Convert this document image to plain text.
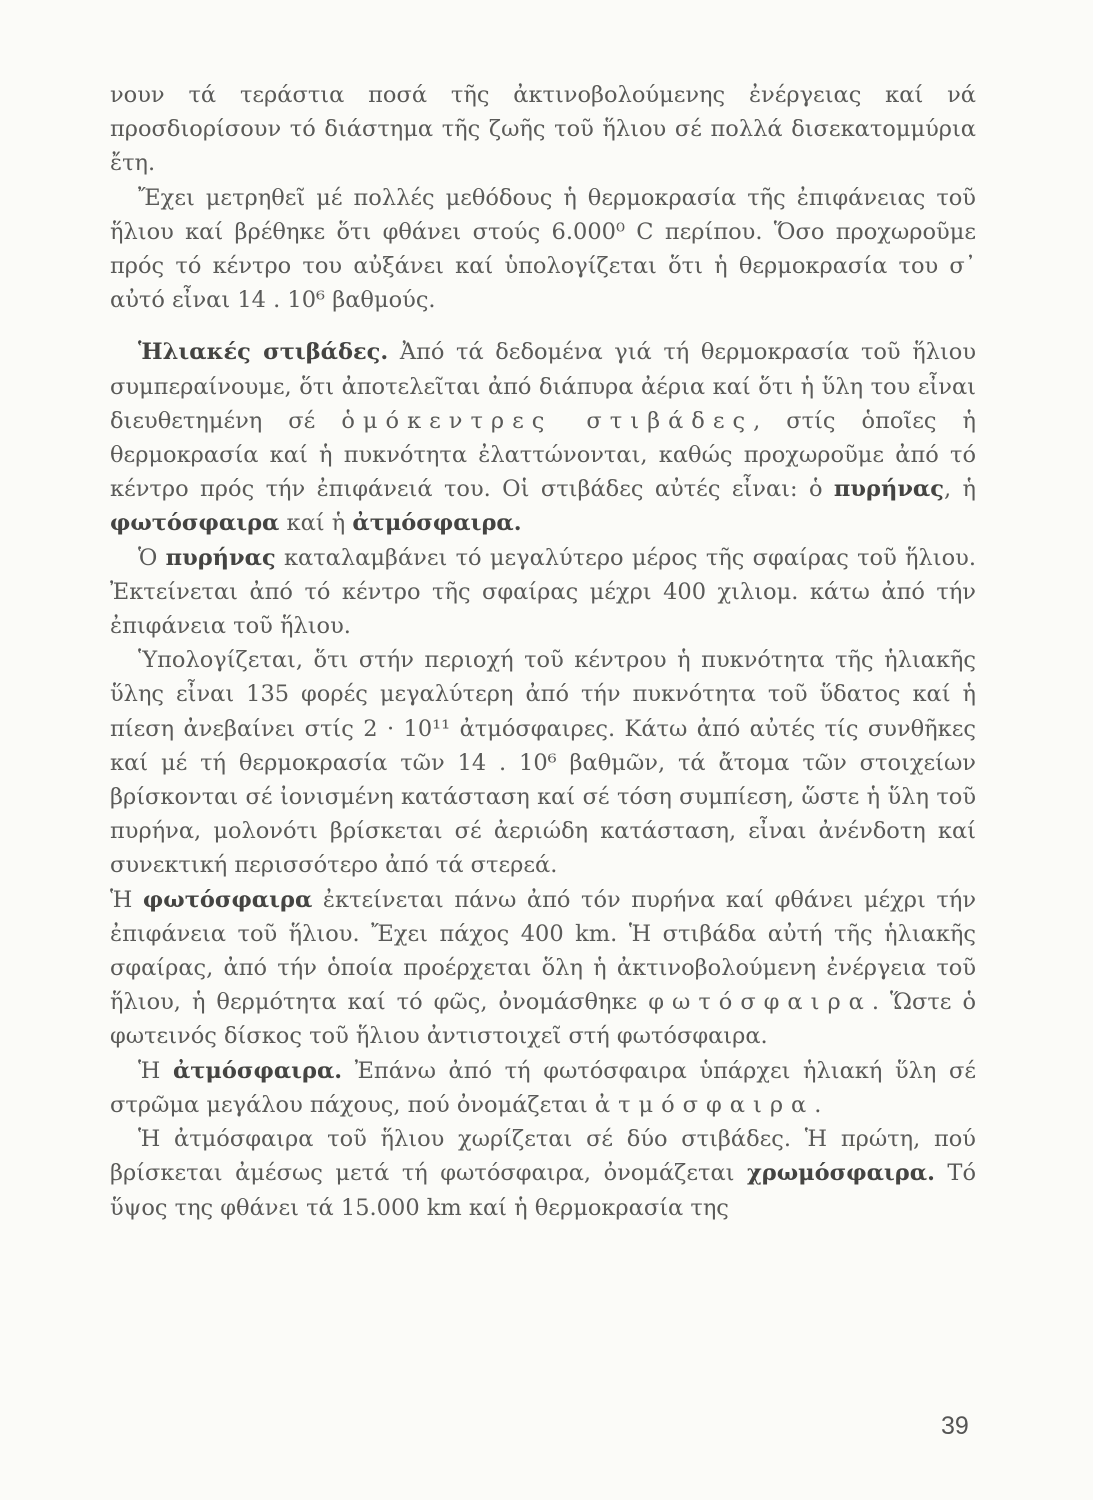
νουν τά τεράστια ποσά τῆς ἀκτινοβολούμενης ἐνέργειας καί νά προσδιορίσουν τό διάστημα τῆς ζωῆς τοῦ ἥλιου σέ πολλά δισεκατομμύρια ἔτη.

Ἔχει μετρηθεῖ μέ πολλές μεθόδους ἡ θερμοκρασία τῆς ἐπιφάνειας τοῦ ἥλιου καί βρέθηκε ὅτι φθάνει στούς 6.000⁰ C περίπου. Ὅσο προχωροῦμε πρός τό κέντρο του αὐξάνει καί ὑπολογίζεται ὅτι ἡ θερμοκρασία του σ᾽ αὐτό εἶναι 14 . 10⁶ βαθμούς.

Ἡλιακές στιβάδες. Ἀπό τά δεδομένα γιά τή θερμοκρασία τοῦ ἥλιου συμπεραίνουμε, ὅτι ἀποτελεῖται ἀπό διάπυρα ἀέρια καί ὅτι ἡ ὕλη του εἶναι διευθετημένη σέ ὁμόκεντρες στιβάδες, στίς ὁποῖες ἡ θερμοκρασία καί ἡ πυκνότητα ἐλαττώνονται, καθώς προχωροῦμε ἀπό τό κέντρο πρός τήν ἐπιφάνειά του. Οἱ στιβάδες αὐτές εἶναι: ὁ πυρήνας, ἡ φωτόσφαιρα καί ἡ ἀτμόσφαιρα.

Ὁ πυρήνας καταλαμβάνει τό μεγαλύτερο μέρος τῆς σφαίρας τοῦ ἥλιου. Ἐκτείνεται ἀπό τό κέντρο τῆς σφαίρας μέχρι 400 χιλιομ. κάτω ἀπό τήν ἐπιφάνεια τοῦ ἥλιου.

Ὑπολογίζεται, ὅτι στήν περιοχή τοῦ κέντρου ἡ πυκνότητα τῆς ἡλιακῆς ὕλης εἶναι 135 φορές μεγαλύτερη ἀπό τήν πυκνότητα τοῦ ὕδατος καί ἡ πίεση ἀνεβαίνει στίς 2 · 10¹¹ ἀτμόσφαιρες. Κάτω ἀπό αὐτές τίς συνθῆκες καί μέ τή θερμοκρασία τῶν 14 . 10⁶ βαθμῶν, τά ἄτομα τῶν στοιχείων βρίσκονται σέ ἰονισμένη κατάσταση καί σέ τόση συμπίεση, ὥστε ἡ ὕλη τοῦ πυρήνα, μολονότι βρίσκεται σέ ἀεριώδη κατάσταση, εἶναι ἀνένδοτη καί συνεκτική περισσότερο ἀπό τά στερεά.

Ἡ φωτόσφαιρα ἐκτείνεται πάνω ἀπό τόν πυρήνα καί φθάνει μέχρι τήν ἐπιφάνεια τοῦ ἥλιου. Ἔχει πάχος 400 km. Ἡ στιβάδα αὐτή τῆς ἡλιακῆς σφαίρας, ἀπό τήν ὁποία προέρχεται ὅλη ἡ ἀκτινοβολούμενη ἐνέργεια τοῦ ἥλιου, ἡ θερμότητα καί τό φῶς, ὀνομάσθηκε φωτόσφαιρα. Ὥστε ὁ φωτεινός δίσκος τοῦ ἥλιου ἀντιστοιχεῖ στή φωτόσφαιρα.

Ἡ ἀτμόσφαιρα. Ἐπάνω ἀπό τή φωτόσφαιρα ὑπάρχει ἡλιακή ὕλη σέ στρῶμα μεγάλου πάχους, πού ὀνομάζεται ἀτμόσφαιρα.

Ἡ ἀτμόσφαιρα τοῦ ἥλιου χωρίζεται σέ δύο στιβάδες. Ἡ πρώτη, πού βρίσκεται ἀμέσως μετά τή φωτόσφαιρα, ὀνομάζεται χρωμόσφαιρα. Τό ὕψος της φθάνει τά 15.000 km καί ἡ θερμοκρασία της

39
